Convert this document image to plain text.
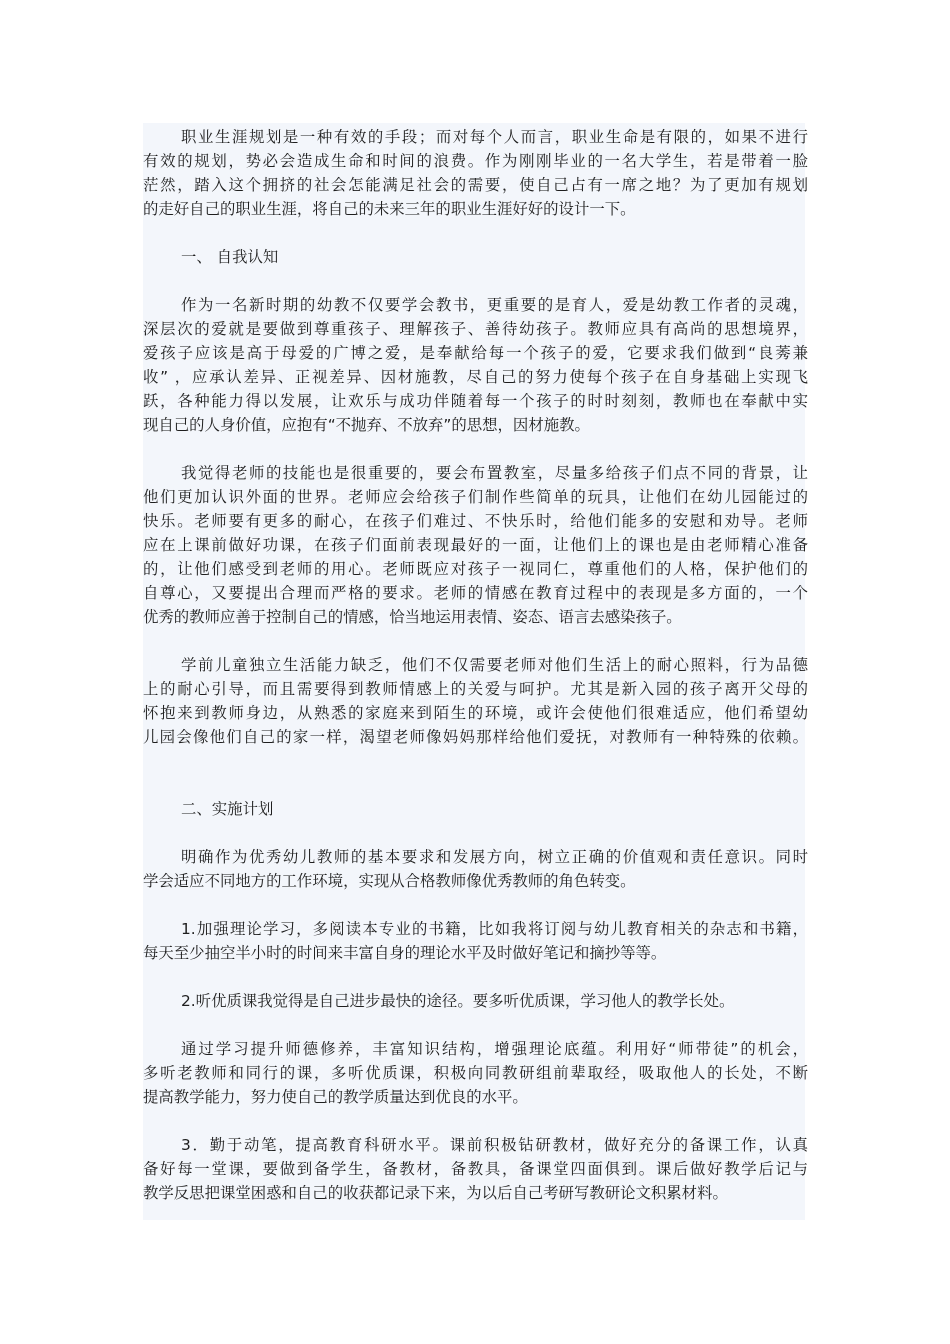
职业生涯规划是一种有效的手段；而对每个人而言，职业生命是有限的，如果不进行
有效的规划，势必会造成生命和时间的浪费。作为刚刚毕业的一名大学生，若是带着一脸
茫然，踏入这个拥挤的社会怎能满足社会的需要，使自己占有一席之地？为了更加有规划
的走好自己的职业生涯，将自己的未来三年的职业生涯好好的设计一下。
一、 自我认知
作为一名新时期的幼教不仅要学会教书，更重要的是育人，爱是幼教工作者的灵魂，
深层次的爱就是要做到尊重孩子、理解孩子、善待幼孩子。教师应具有高尚的思想境界，
爱孩子应该是高于母爱的广博之爱，是奉献给每一个孩子的爱，它要求我们做到“良莠兼
收” ，应承认差异、正视差异、因材施教，尽自己的努力使每个孩子在自身基础上实现飞
跃，各种能力得以发展，让欢乐与成功伴随着每一个孩子的时时刻刻，教师也在奉献中实
现自己的人身价值，应抱有“不抛弃、不放弃”的思想，因材施教。
我觉得老师的技能也是很重要的，要会布置教室，尽量多给孩子们点不同的背景，让
他们更加认识外面的世界。老师应会给孩子们制作些简单的玩具，让他们在幼儿园能过的
快乐。老师要有更多的耐心，在孩子们难过、不快乐时，给他们能多的安慰和劝导。老师
应在上课前做好功课，在孩子们面前表现最好的一面，让他们上的课也是由老师精心准备
的，让他们感受到老师的用心。老师既应对孩子一视同仁，尊重他们的人格，保护他们的
自尊心，又要提出合理而严格的要求。老师的情感在教育过程中的表现是多方面的，一个
优秀的教师应善于控制自己的情感，恰当地运用表情、姿态、语言去感染孩子。
学前儿童独立生活能力缺乏，他们不仅需要老师对他们生活上的耐心照料，行为品德
上的耐心引导，而且需要得到教师情感上的关爱与呵护。尤其是新入园的孩子离开父母的
怀抱来到教师身边，从熟悉的家庭来到陌生的环境，或许会使他们很难适应，他们希望幼
儿园会像他们自己的家一样，渴望老师像妈妈那样给他们爱抚，对教师有一种特殊的依赖。
二、实施计划
明确作为优秀幼儿教师的基本要求和发展方向，树立正确的价值观和责任意识。同时
学会适应不同地方的工作环境，实现从合格教师像优秀教师的角色转变。
1.加强理论学习，多阅读本专业的书籍，比如我将订阅与幼儿教育相关的杂志和书籍，
每天至少抽空半小时的时间来丰富自身的理论水平及时做好笔记和摘抄等等。
2.听优质课我觉得是自己进步最快的途径。要多听优质课，学习他人的教学长处。
通过学习提升师德修养，丰富知识结构，增强理论底蕴。利用好“师带徒”的机会，
多听老教师和同行的课，多听优质课，积极向同教研组前辈取经，吸取他人的长处，不断
提高教学能力，努力使自己的教学质量达到优良的水平。
3．勤于动笔，提高教育科研水平。课前积极钻研教材，做好充分的备课工作，认真
备好每一堂课，要做到备学生，备教材，备教具，备课堂四面俱到。课后做好教学后记与
教学反思把课堂困惑和自己的收获都记录下来，为以后自己考研写教研论文积累材料。
